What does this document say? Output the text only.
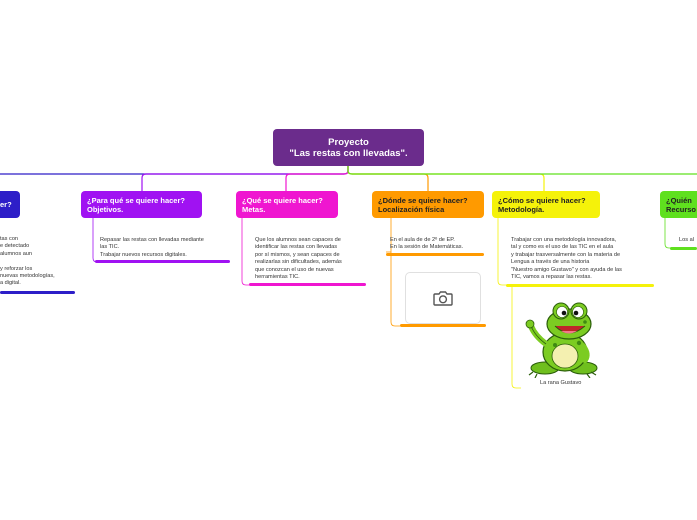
Proyecto
"Las restas con llevadas".
er?
tas con
e detectado
alumnos aun

y reforzar los
nuevas metodologías,
a digital.
¿Para qué se quiere hacer?
Objetivos.
Repasar las restas con llevadas mediante
las TIC.
Trabajar nuevos recursos digitales.
¿Qué se quiere hacer?
Metas.
Que los alumnos sean capaces de
identificar las restas con llevadas
por sí mismos, y sean capaces de
realizarlas sin dificultades, además
que conozcan el uso de nuevas
herramientas TIC.
¿Dónde se quiere hacer?
Localización física
En el aula de de 2º de EP.
En la sesión de Matemáticas.
¿Cómo se quiere hacer?
Metodología.
Trabajar con una metodología innovadora,
tal y como es el uso de las TIC en el aula
y trabajar trasversalmente con la materia de
Lengua a través de una historia
"Nuestro amigo Gustavo" y con ayuda de las
TIC, vamos a repasar las restas.
La rana Gustavo
¿Quién
Recurso
Los al
